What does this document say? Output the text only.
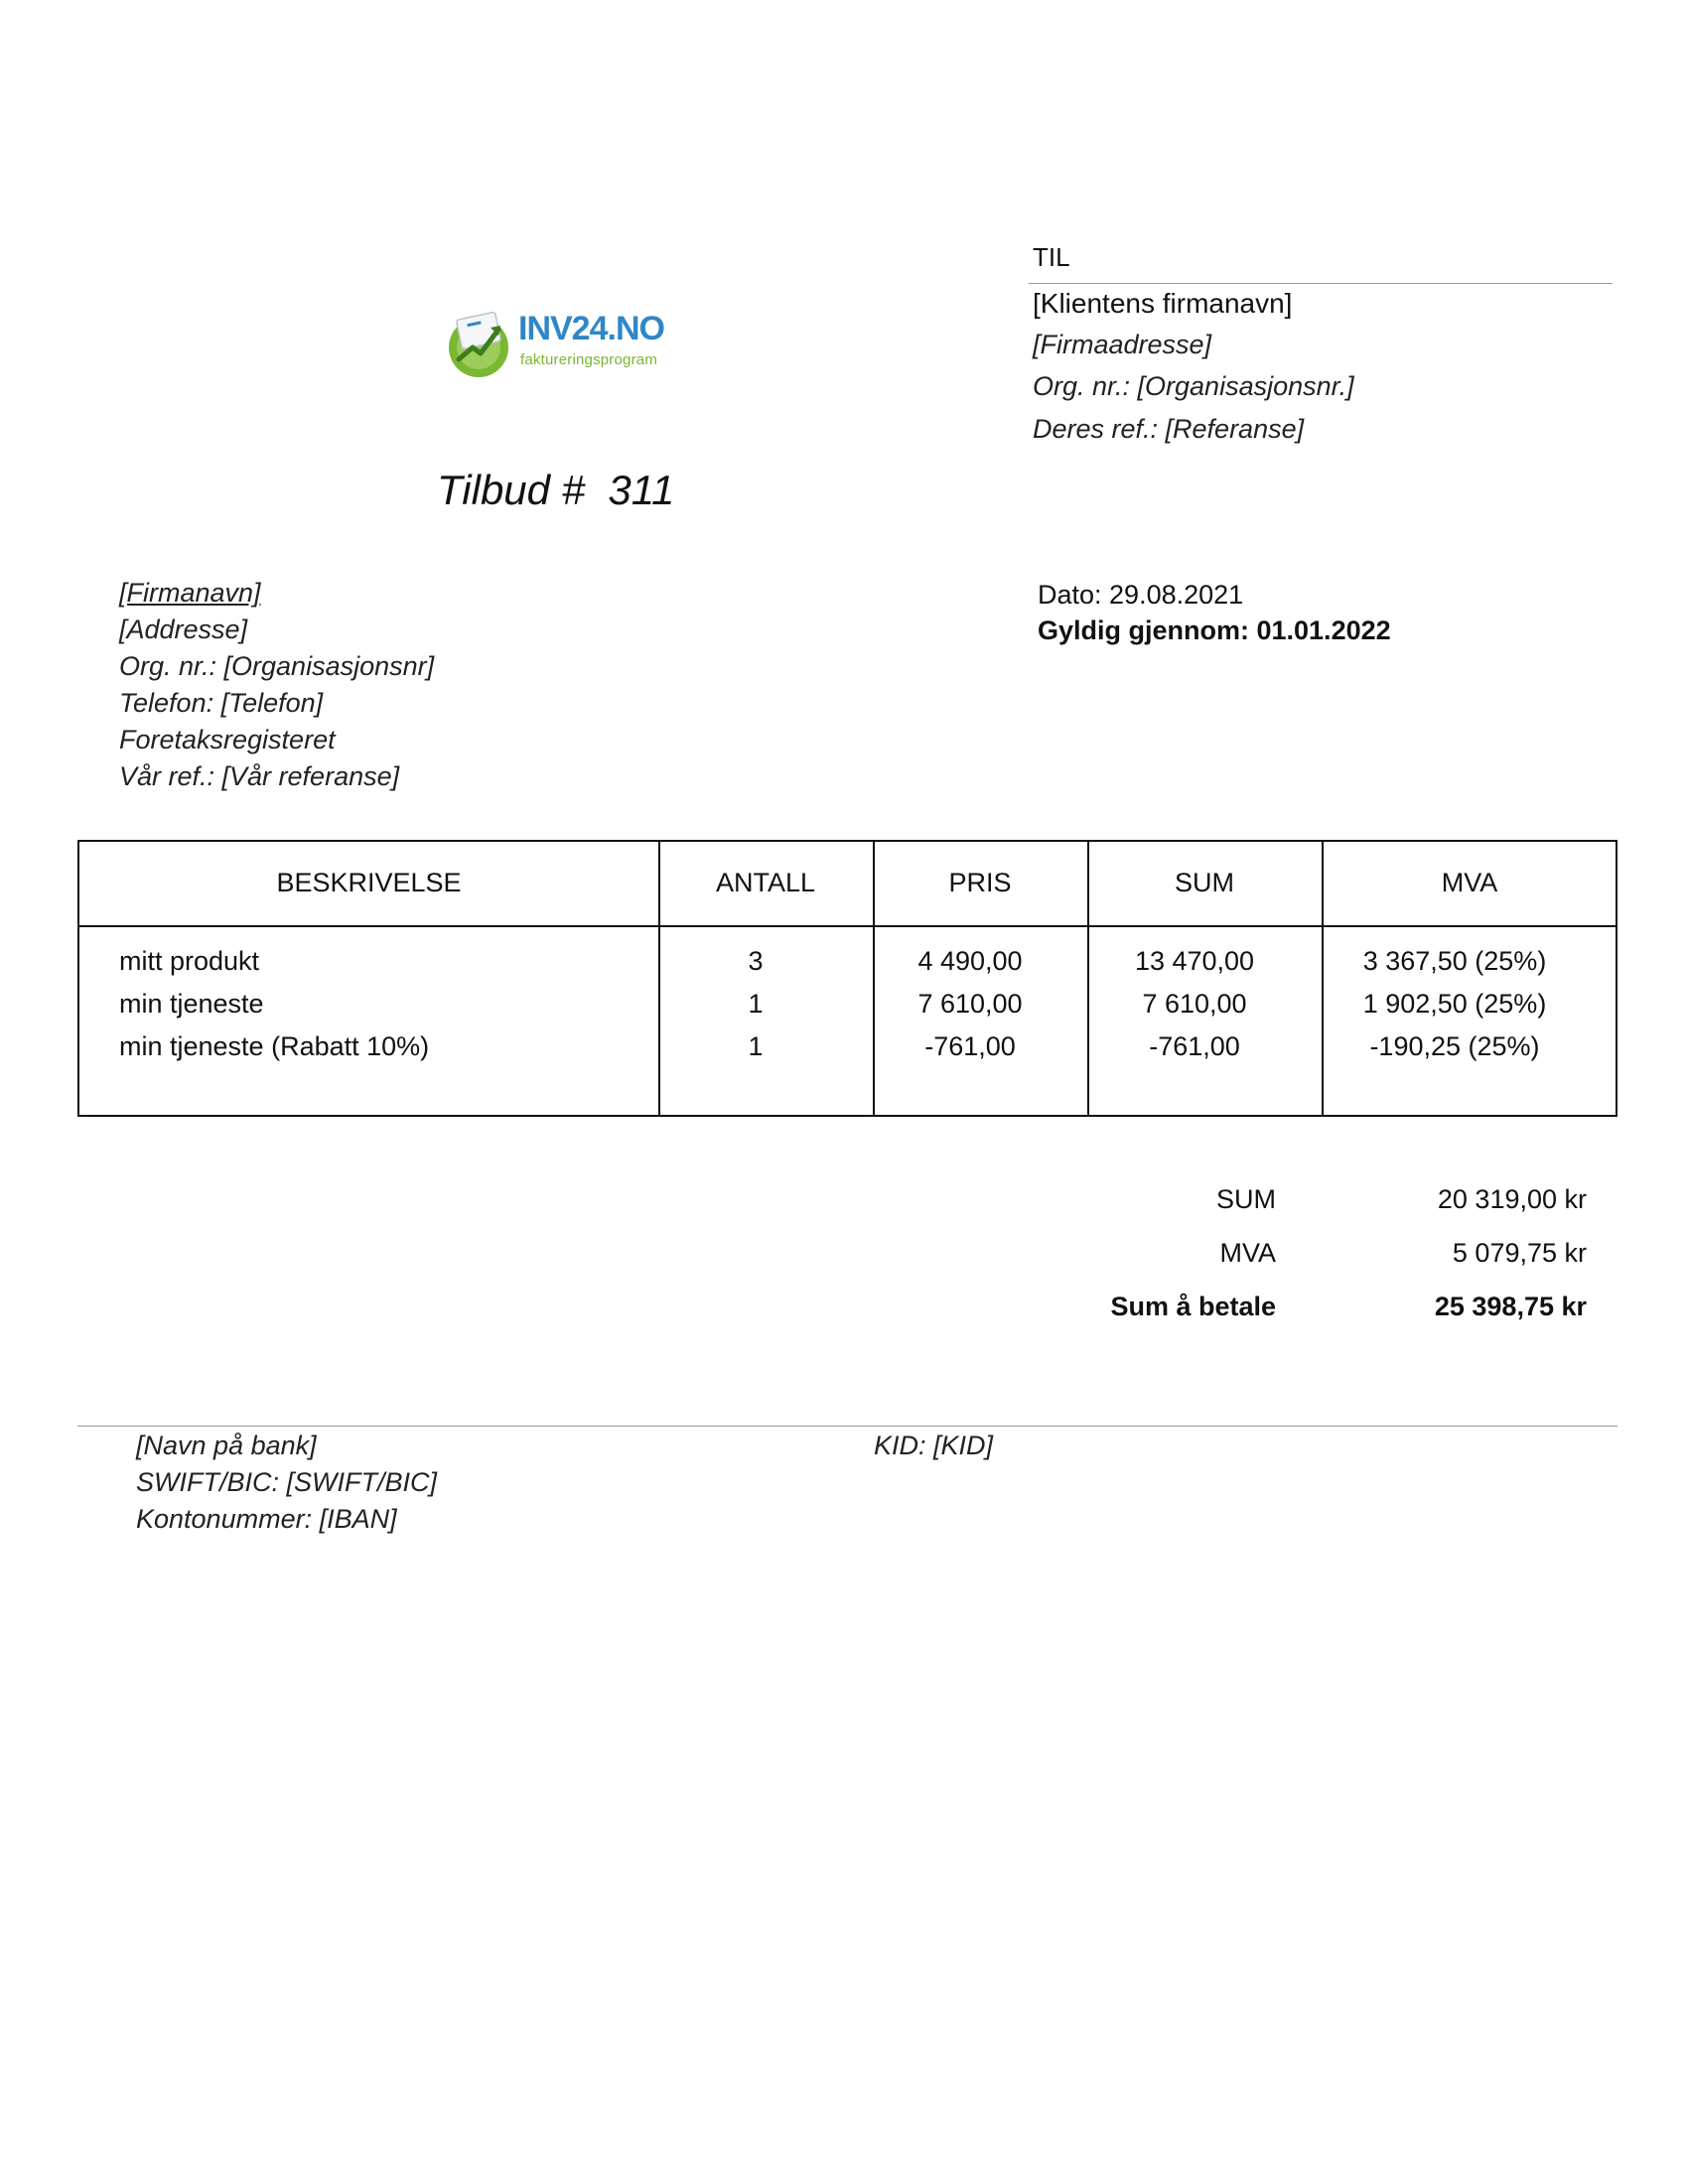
INV24.NO
faktureringsprogram
Tilbud #  311
TIL
[Klientens firmanavn]
[Firmaadresse]
Org. nr.: [Organisasjonsnr.]
Deres ref.: [Referanse]
[Firmanavn]
[Addresse]
Org. nr.: [Organisasjonsnr]
Telefon: [Telefon]
Foretaksregisteret
Vår ref.: [Vår referanse]
Dato: 29.08.2021
Gyldig gjennom: 01.01.2022
BESKRIVELSE	ANTALL	PRIS	SUM	MVA
mitt produkt	3	4 490,00	13 470,00	3 367,50 (25%)
min tjeneste	1	7 610,00	7 610,00	1 902,50 (25%)
min tjeneste (Rabatt 10%)	1	-761,00	-761,00	-190,25 (25%)
SUM	20 319,00 kr
MVA	5 079,75 kr
Sum å betale	25 398,75 kr
[Navn på bank]
SWIFT/BIC: [SWIFT/BIC]
Kontonummer: [IBAN]
KID: [KID]
